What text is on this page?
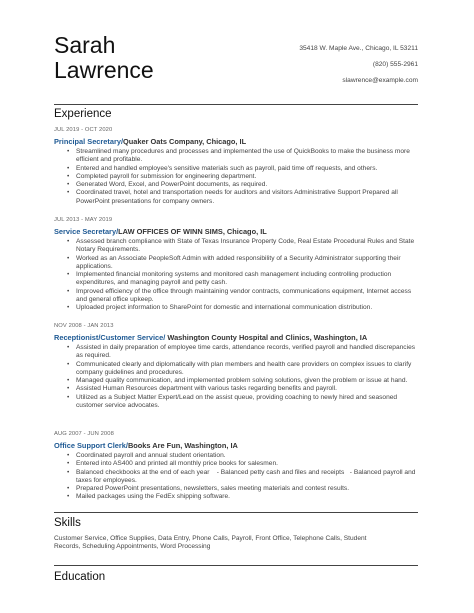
Sarah
Lawrence
35418 W. Maple Ave., Chicago, IL 53211
(820) 555-2961
slawrence@example.com
Experience
JUL 2019 - OCT 2020
Principal Secretary/Quaker Oats Company, Chicago, IL
• Streamlined many procedures and processes and implemented the use of QuickBooks to make the business more efficient and profitable.
• Entered and handled employee's sensitive materials such as payroll, paid time off requests, and others.
• Completed payroll for submission for engineering department.
• Generated Word, Excel, and PowerPoint documents, as required.
• Coordinated travel, hotel and transportation needs for auditors and visitors Administrative Support Prepared all PowerPoint presentations for company owners.
JUL 2013 - MAY 2019
Service Secretary/LAW OFFICES OF WINN SIMS, Chicago, IL
• Assessed branch compliance with State of Texas Insurance Property Code, Real Estate Procedural Rules and State Notary Requirements.
• Worked as an Associate PeopleSoft Admin with added responsibility of a Security Administrator supporting their applications.
• Implemented financial monitoring systems and monitored cash management including controlling production expenditures, and managing payroll and petty cash.
• Improved efficiency of the office through maintaining vendor contracts, communications equipment, Internet access and general office upkeep.
• Uploaded project information to SharePoint for domestic and international communication distribution.
NOV 2008 - JAN 2013
Receptionist/Customer Service/ Washington County Hospital and Clinics, Washington, IA
• Assisted in daily preparation of employee time cards, attendance records, verified payroll and handled discrepancies as required.
• Communicated clearly and diplomatically with plan members and health care providers on complex issues to clarify company guidelines and procedures.
• Managed quality communication, and implemented problem solving solutions, given the problem or issue at hand.
• Assisted Human Resources department with various tasks regarding benefits and payroll.
• Utilized as a Subject Matter Expert/Lead on the assist queue, providing coaching to newly hired and seasoned customer service advocates.
AUG 2007 - JUN 2008
Office Support Clerk/Books Are Fun, Washington, IA
• Coordinated payroll and annual student orientation.
• Entered into AS400 and printed all monthly price books for salesmen.
• Balanced checkbooks at the end of each year    - Balanced petty cash and files and receipts   - Balanced payroll and taxes for employees.
• Prepared PowerPoint presentations, newsletters, sales meeting materials and contest results.
• Mailed packages using the FedEx shipping software.
Skills
Customer Service, Office Supplies, Data Entry, Phone Calls, Payroll, Front Office, Telephone Calls, Student Records, Scheduling Appointments, Word Processing
Education
